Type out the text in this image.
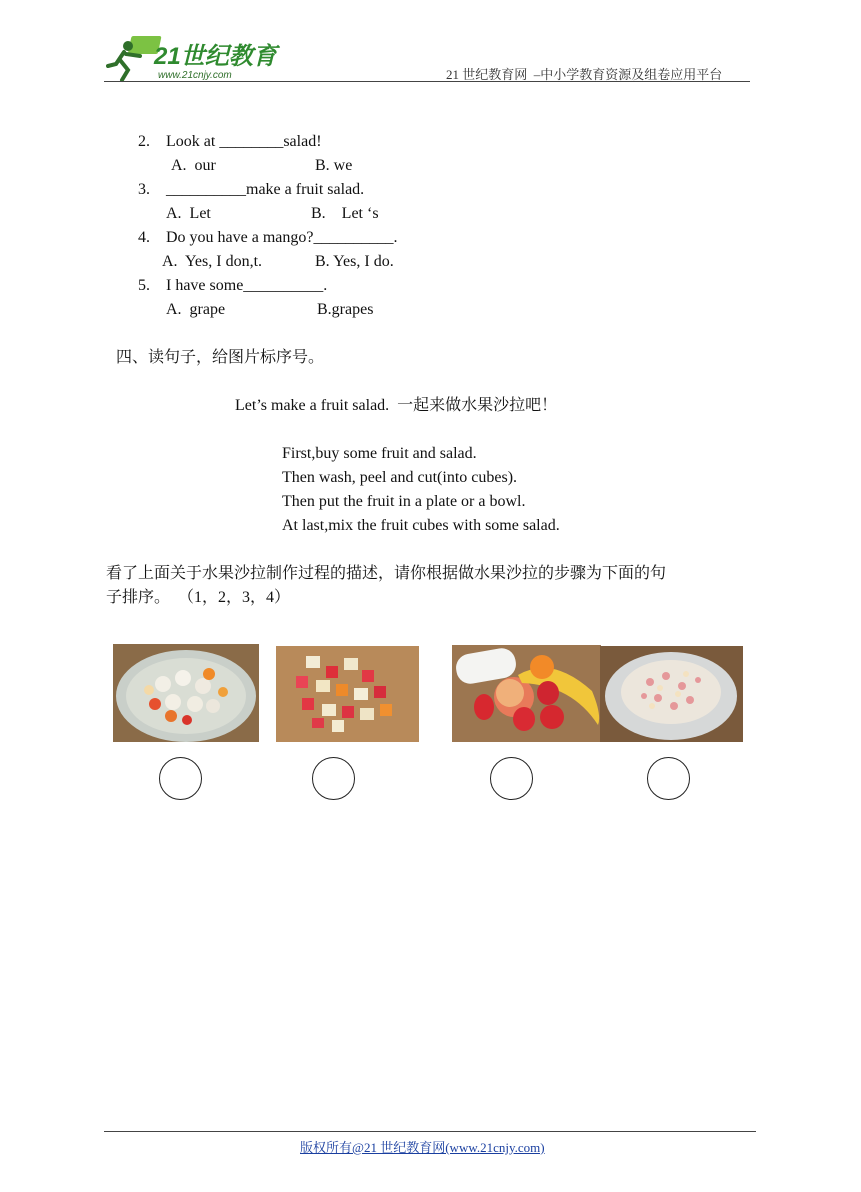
21世纪教育
www.21cnjy.com	21 世纪教育网  –中小学教育资源及组卷应用平台
2. Look at ________salad!
A.  our	B. we
3. __________make a fruit salad.
A.  Let	B.    Let ‘s
4. Do you have a mango?__________.
A.  Yes, I don,t.	B. Yes, I do.
5. I have some__________.
A.  grape	B.grapes
四、读句子，给图片标序号。
Let’s make a fruit salad.  一起来做水果沙拉吧！
First,buy some fruit and salad.
Then wash, peel and cut(into cubes).
Then put the fruit in a plate or a bowl.
At last,mix the fruit cubes with some salad.
看了上面关于水果沙拉制作过程的描述，请你根据做水果沙拉的步骤为下面的句
子排序。  （1，2，3，4）
版权所有@21 世纪教育网(www.21cnjy.com)
